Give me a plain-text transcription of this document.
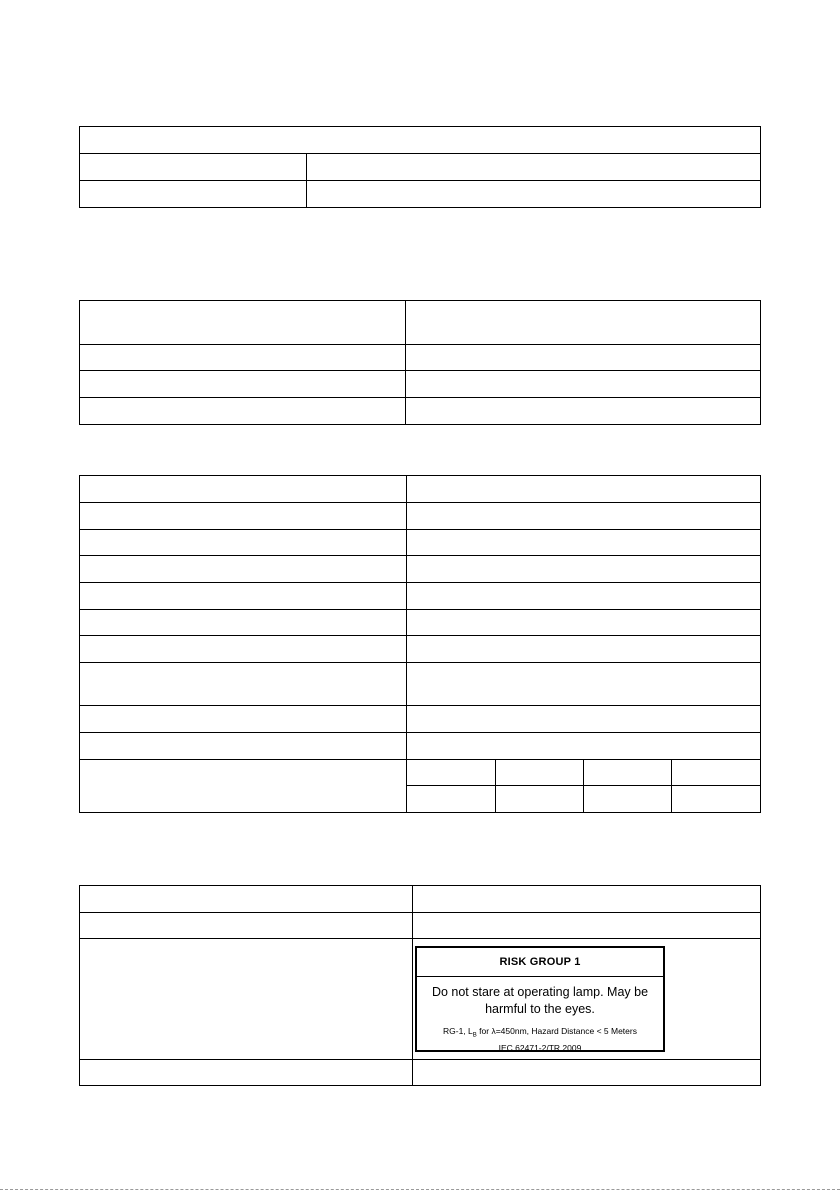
RISK GROUP 1
Do not stare at operating lamp. May be harmful to the eyes.
RG-1, $L_B$ for λ=450nm, Hazard Distance < 5 Meters
IEC 62471-2/TR 2009
